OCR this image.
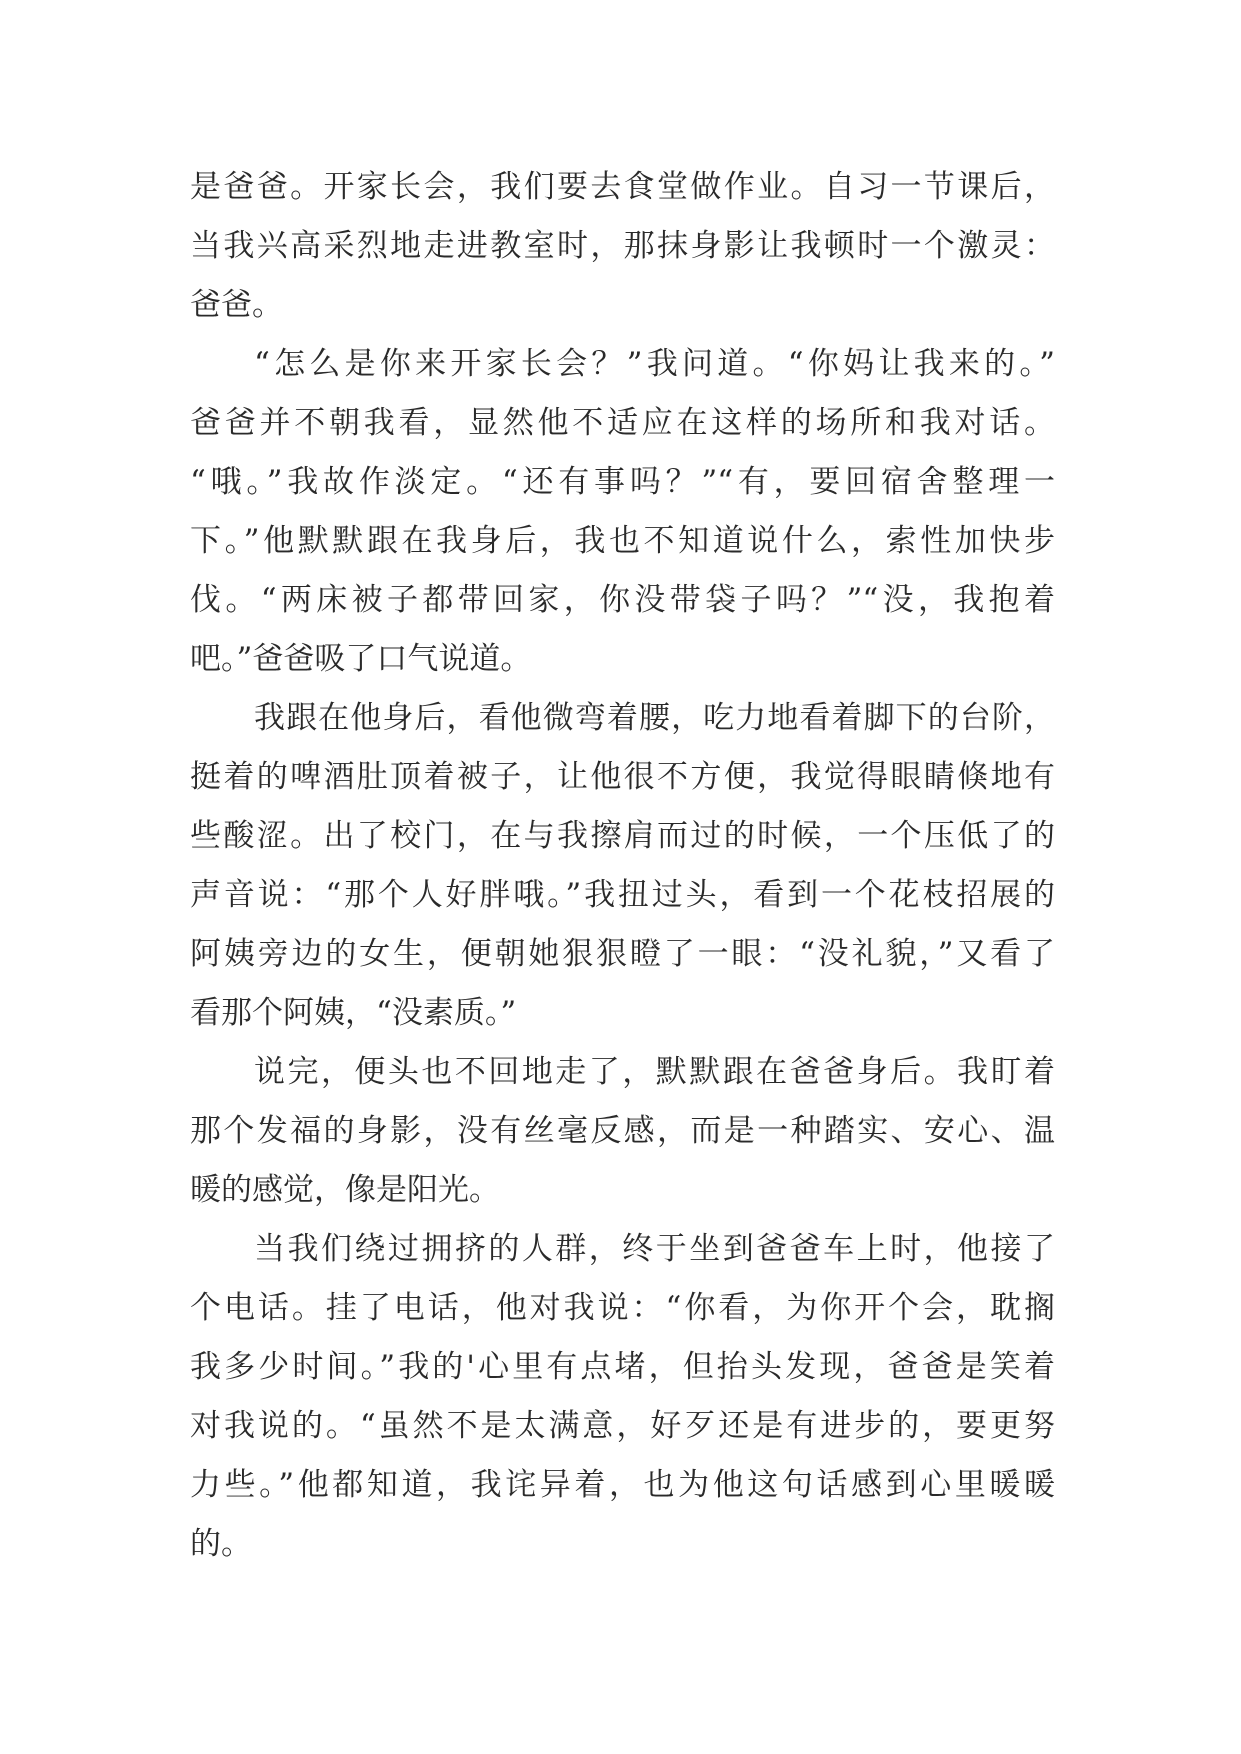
是爸爸。开家长会，我们要去食堂做作业。自习一节课后，
当我兴高采烈地走进教室时，那抹身影让我顿时一个激灵：
爸爸。
“怎么是你来开家长会？”我问道。“你妈让我来的。”
爸爸并不朝我看，显然他不适应在这样的场所和我对话。
“哦。”我故作淡定。“还有事吗？”“有，要回宿舍整理一
下。”他默默跟在我身后，我也不知道说什么，索性加快步
伐。“两床被子都带回家，你没带袋子吗？”“没，我抱着
吧。”爸爸吸了口气说道。
我跟在他身后，看他微弯着腰，吃力地看着脚下的台阶，
挺着的啤酒肚顶着被子，让他很不方便，我觉得眼睛倏地有
些酸涩。出了校门，在与我擦肩而过的时候，一个压低了的
声音说：“那个人好胖哦。”我扭过头，看到一个花枝招展的
阿姨旁边的女生，便朝她狠狠瞪了一眼：“没礼貌，”又看了
看那个阿姨，“没素质。”
说完，便头也不回地走了，默默跟在爸爸身后。我盯着
那个发福的身影，没有丝毫反感，而是一种踏实、安心、温
暖的感觉，像是阳光。
当我们绕过拥挤的人群，终于坐到爸爸车上时，他接了
个电话。挂了电话，他对我说：“你看，为你开个会，耽搁
我多少时间。”我的'心里有点堵，但抬头发现，爸爸是笑着
对我说的。“虽然不是太满意，好歹还是有进步的，要更努
力些。”他都知道，我诧异着，也为他这句话感到心里暖暖
的。
